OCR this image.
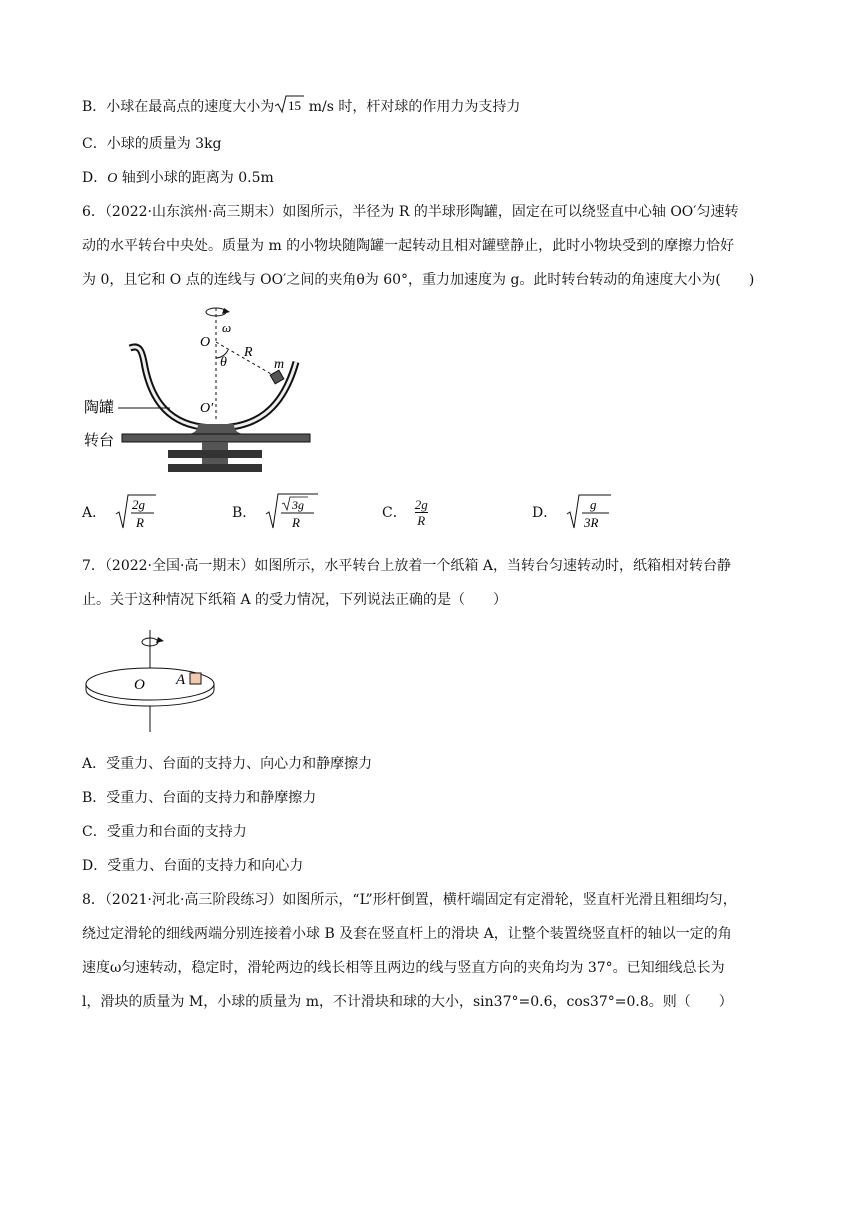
B．小球在最高点的速度大小为 15 m/s 时，杆对球的作用力为支持力
C．小球的质量为 3kg
D．O 轴到小球的距离为 0.5m
6．（2022·山东滨州·高三期末）如图所示，半径为 R 的半球形陶罐，固定在可以绕竖直中心轴 OO′匀速转
动的水平转台中央处。质量为 m 的小物块随陶罐一起转动且相对罐壁静止，此时小物块受到的摩擦力恰好
为 0，且它和 O 点的连线与 OO′之间的夹角θ为 60°，重力加速度为 g。此时转台转动的角速度大小为(　　)
ω
O
R
m
θ
O′
陶罐
转台
A．
2g
R
B．	3g
R
C． $\frac{2g}{R}$	D．
g
3R
7．（2022·全国·高一期末）如图所示，水平转台上放着一个纸箱 A，当转台匀速转动时，纸箱相对转台静
止。关于这种情况下纸箱 A 的受力情况，下列说法正确的是（　　）
O A
A．受重力、台面的支持力、向心力和静摩擦力
B．受重力、台面的支持力和静摩擦力
C．受重力和台面的支持力
D．受重力、台面的支持力和向心力
8．（2021·河北·高三阶段练习）如图所示，“L”形杆倒置，横杆端固定有定滑轮，竖直杆光滑且粗细均匀，
绕过定滑轮的细线两端分别连接着小球 B 及套在竖直杆上的滑块 A，让整个装置绕竖直杆的轴以一定的角
速度ω匀速转动，稳定时，滑轮两边的线长相等且两边的线与竖直方向的夹角均为 37°。已知细线总长为
l，滑块的质量为 M，小球的质量为 m，不计滑块和球的大小，sin37°=0.6，cos37°=0.8。则（　　）
